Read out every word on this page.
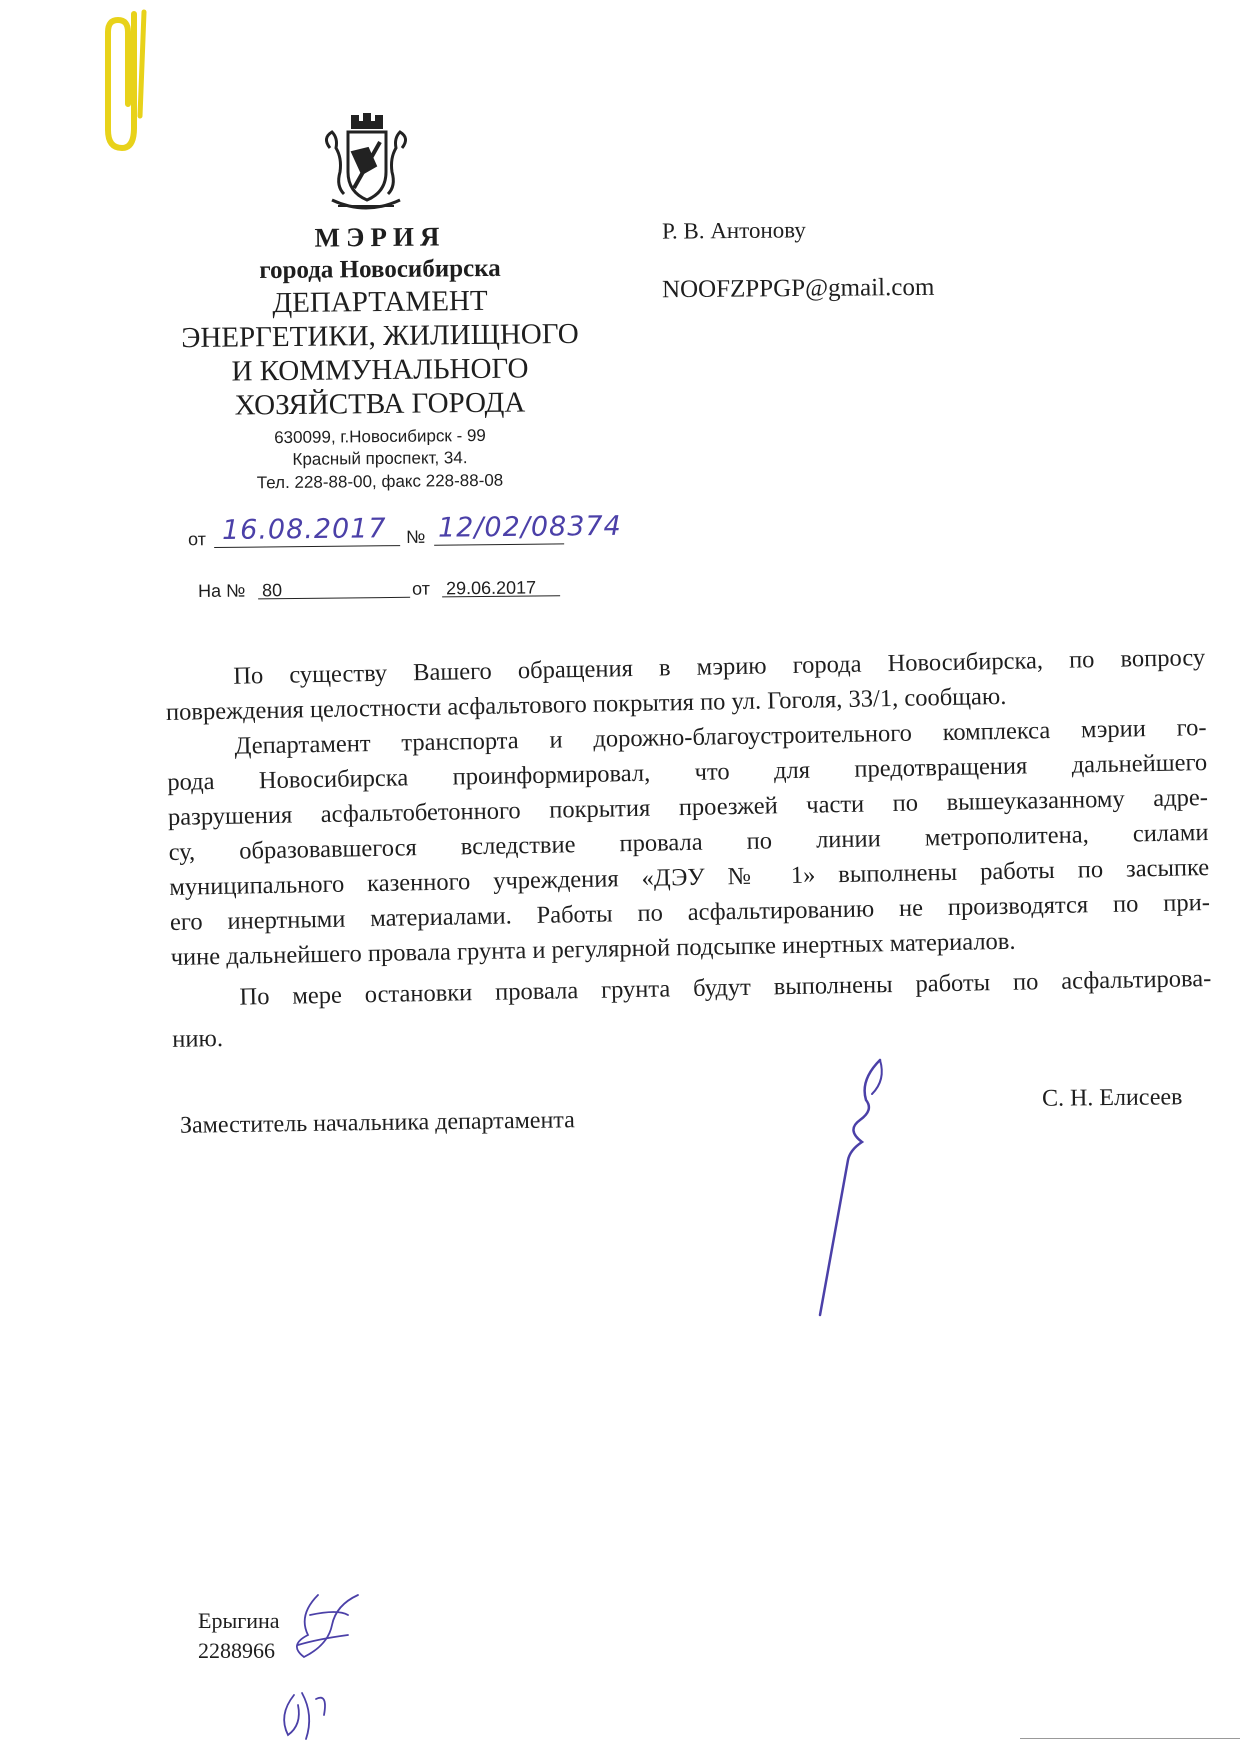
МЭРИЯ
города Новосибирска
ДЕПАРТАМЕНТ
ЭНЕРГЕТИКИ, ЖИЛИЩНОГО
И КОММУНАЛЬНОГО
ХОЗЯЙСТВА ГОРОДА
630099, г.Новосибирск - 99
Красный проспект, 34.
Тел. 228-88-00, факс 228-88-08
от 16.08.2017 № 12/02/08374
На № 80	от 29.06.2017
Р. В. Антонову
NOOFZPPGP@gmail.com
По существу Вашего обращения в мэрию города Новосибирска, по вопросу
повреждения целостности асфальтового покрытия по ул. Гоголя, 33/1, сообщаю.
Департамент транспорта и дорожно-благоустроительного комплекса мэрии го-
рода Новосибирска проинформировал, что для предотвращения дальнейшего
разрушения асфальтобетонного покрытия проезжей части по вышеуказанному адре-
су, образовавшегося вследствие провала по линии метрополитена, силами
муниципального казенного учреждения «ДЭУ № 1» выполнены работы по засыпке
его инертными материалами. Работы по асфальтированию не производятся по при-
чине дальнейшего провала грунта и регулярной подсыпке инертных материалов.
По мере остановки провала грунта будут выполнены работы по асфальтирова-
нию.
Заместитель начальника департамента
С. Н. Елисеев
Ерыгина
2288966
